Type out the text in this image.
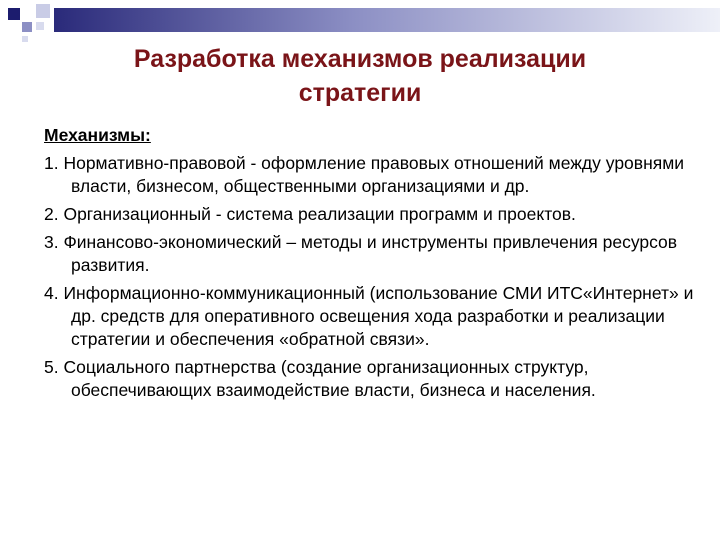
Разработка механизмов реализации
стратегии

Механизмы:

1. Нормативно-правовой - оформление правовых отношений между уровнями власти, бизнесом, общественными организациями и др.
2. Организационный - система реализации программ и проектов.
3. Финансово-экономический – методы и инструменты привлечения ресурсов развития.
4. Информационно-коммуникационный (использование СМИ ИТС«Интернет» и др. средств для оперативного освещения хода разработки и реализации стратегии и обеспечения «обратной связи».
5. Социального партнерства (создание организационных структур, обеспечивающих взаимодействие власти, бизнеса и населения.
